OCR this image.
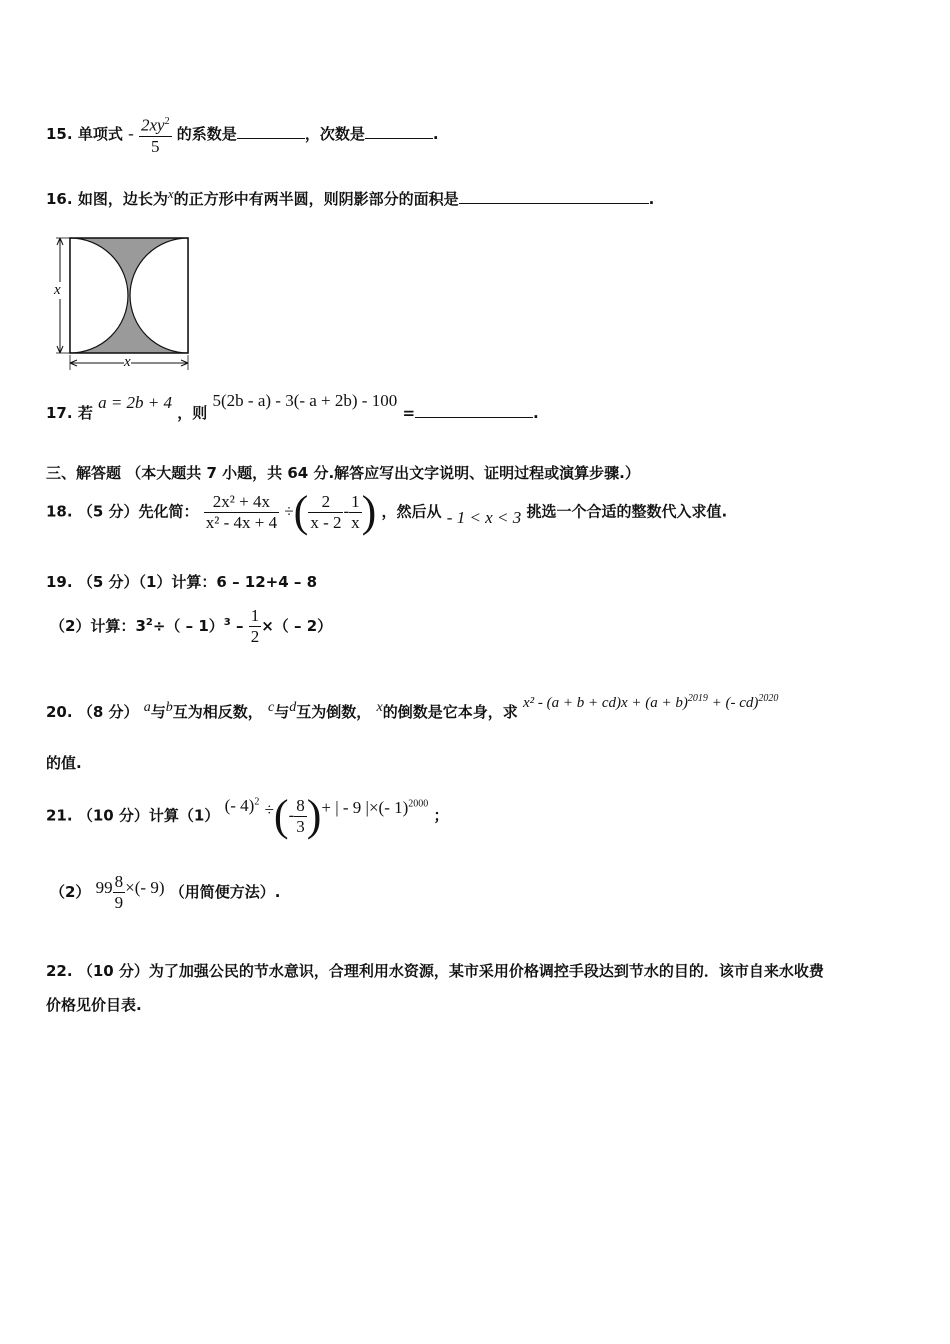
15. 单项式 - $\frac{2xy^2}{5}$ 的系数是	，次数是	.
16. 如图，边长为$^x$的正方形中有两半圆，则阴影部分的面积是	.
x
x
17. 若 a = 2b + 4 ，则 5(2b - a) - 3(- a + 2b) - 100 =	.
三、解答题 （本大题共 7 小题，共 64 分.解答应写出文字说明、证明过程或演算步骤.）
18. （5 分）先化简： $\frac{\text{2x² + 4x}}{\text{x² - 4x + 4}}$ ÷( $\frac{2}{x - 2} - \frac{1}{x}$ ) ，然后从 - 1 < x < 3 挑选一个合适的整数代入求值.
19. （5 分）（1）计算：6 – 12+4 – 8
（2）计算：$3^2\div( - 1)^3 - \frac{1}{2}$ ×（ – 2）
20. （8 分） $^a$与$^b$互为相反数， $^c$与$^d$互为倒数， $^x$的倒数是它本身，求 $x^2 - (a + b + cd)x + (a + b)^{2019}$ + (- cd)$^{2020}$
的值.
21. （10 分）计算（1） (- 4)$^2$ ÷(- $\frac{8}{3}$ )+ | - 9 |×(- 1)$^{2000}$ ；
（2） $99 \frac{8}{9}$ ×(- 9) （用简便方法）.
22. （10 分）为了加强公民的节水意识，合理利用水资源，某市采用价格调控手段达到节水的目的．该市自来水收费
价格见价目表.
